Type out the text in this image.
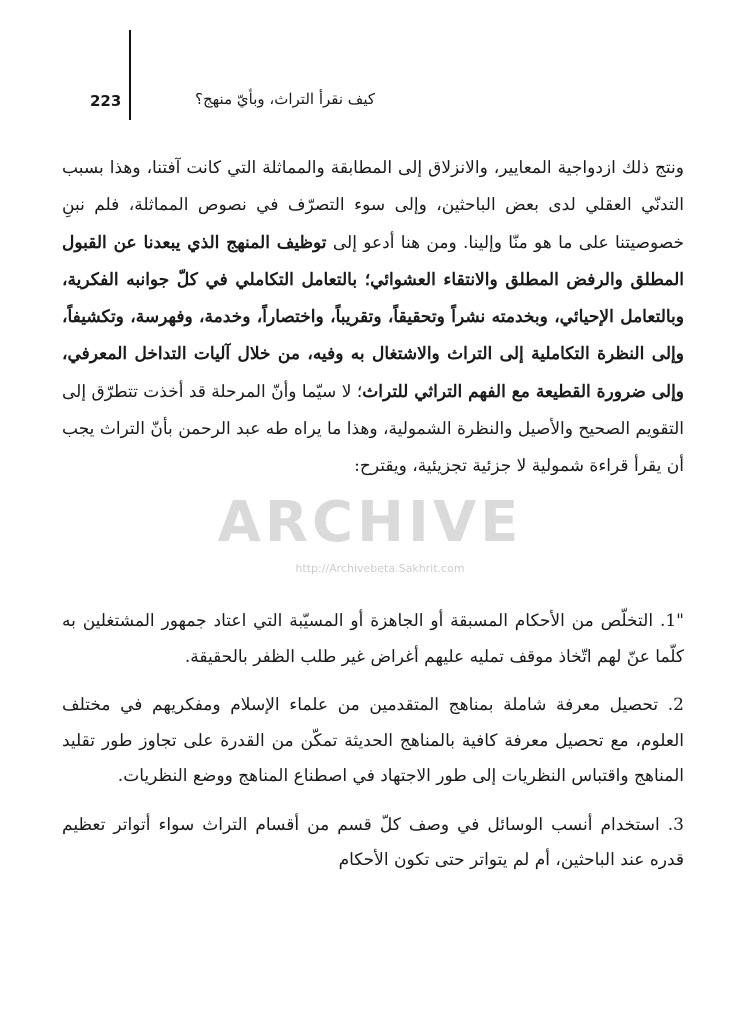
223	كيف نقرأ التراث، وبأيّ منهج؟

ونتج ذلك ازدواجية المعايير، والانزلاق إلى المطابقة والمماثلة التي كانت آفتنا، وهذا بسبب التدنّي العقلي لدى بعض الباحثين، وإلى سوء التصرّف في نصوص المماثلة، فلم نبنِ خصوصيتنا على ما هو منّا وإلينا. ومن هنا أدعو إلى توظيف المنهج الذي يبعدنا عن القبول المطلق والرفض المطلق والانتقاء العشوائي؛ بالتعامل التكاملي في كلّ جوانبه الفكرية، وبالتعامل الإحيائي، وبخدمته نشراً وتحقيقاً، وتقريباً، واختصاراً، وخدمة، وفهرسة، وتكشيفاً، وإلى النظرة التكاملية إلى التراث والاشتغال به وفيه، من خلال آليات التداخل المعرفي، وإلى ضرورة القطيعة مع الفهم التراثي للتراث؛ لا سيّما وأنّ المرحلة قد أخذت تتطرّق إلى التقويم الصحيح والأصيل والنظرة الشمولية، وهذا ما يراه طه عبد الرحمن بأنّ التراث يجب أن يقرأ قراءة شمولية لا جزئية تجزيئية، ويقترح:

"1. التخلّص من الأحكام المسبقة أو الجاهزة أو المسيّبة التي اعتاد جمهور المشتغلين به كلّما عنّ لهم اتّخاذ موقف تمليه عليهم أغراض غير طلب الظفر بالحقيقة.
2. تحصيل معرفة شاملة بمناهج المتقدمين من علماء الإسلام ومفكريهم في مختلف العلوم، مع تحصيل معرفة كافية بالمناهج الحديثة تمكّن من القدرة على تجاوز طور تقليد المناهج واقتباس النظريات إلى طور الاجتهاد في اصطناع المناهج ووضع النظريات.
3. استخدام أنسب الوسائل في وصف كلّ قسم من أقسام التراث سواء أتواتر تعظيم قدره عند الباحثين، أم لم يتواتر حتى تكون الأحكام
ARCHIVE
http://Archivebeta.Sakhrit.com
